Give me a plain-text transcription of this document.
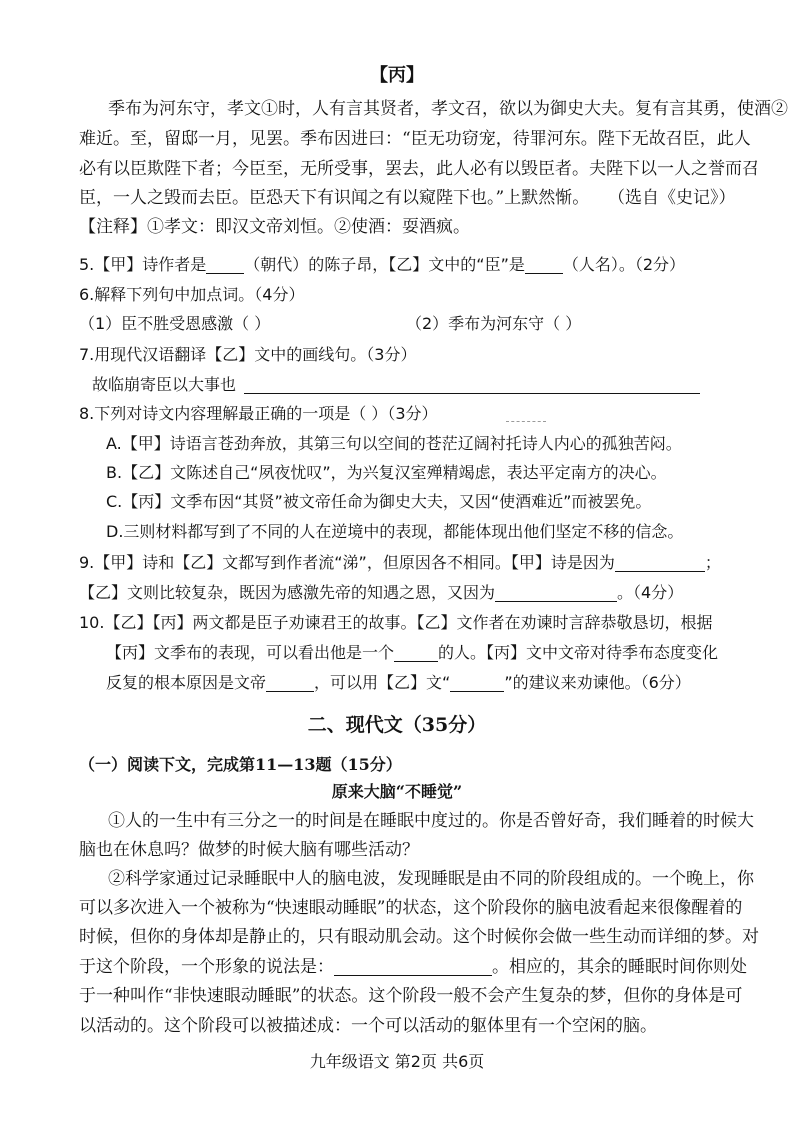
【丙】
季布为河东守，孝文①时，人有言其贤者，孝文召，欲以为御史大夫。复有言其勇，使酒②
难近。至，留邸一月，见罢。季布因进曰：“臣无功窃宠，待罪河东。陛下无故召臣，此人
必有以臣欺陛下者；今臣至，无所受事，罢去，此人必有以毁臣者。夫陛下以一人之誉而召
臣，一人之毁而去臣。臣恐天下有识闻之有以窥陛下也。”上默然惭。 （选自《史记》）
【注释】①孝文：即汉文帝刘恒。②使酒：耍酒疯。
5.【甲】诗作者是 （朝代）的陈子昂，【乙】文中的“臣”是 （人名）。（2分）
6.解释下列句中加点词。（4分）
（1）臣不胜受恩感激（ ）	（2）季布为河东守（ ）
7.用现代汉语翻译【乙】文中的画线句。（3分）
故临崩寄臣以大事也
8.下列对诗文内容理解最正确的一项是（ ）（3分）
A.【甲】诗语言苍劲奔放，其第三句以空间的苍茫辽阔衬托诗人内心的孤独苦闷。
B.【乙】文陈述自己“夙夜忧叹”，为兴复汉室殚精竭虑，表达平定南方的决心。
C.【丙】文季布因“其贤”被文帝任命为御史大夫，又因“使酒难近”而被罢免。
D.三则材料都写到了不同的人在逆境中的表现，都能体现出他们坚定不移的信念。
9.【甲】诗和【乙】文都写到作者流“涕”，但原因各不相同。【甲】诗是因为	；
【乙】文则比较复杂，既因为感激先帝的知遇之恩，又因为	。（4分）
10.【乙】【丙】两文都是臣子劝谏君王的故事。【乙】文作者在劝谏时言辞恭敬恳切，根据
【丙】文季布的表现，可以看出他是一个	的人。【丙】文中文帝对待季布态度变化
反复的根本原因是文帝	，可以用【乙】文“	”的建议来劝谏他。（6分）
二、现代文（35分）
（一）阅读下文，完成第11—13题（15分）
原来大脑“不睡觉”
①人的一生中有三分之一的时间是在睡眠中度过的。你是否曾好奇，我们睡着的时候大
脑也在休息吗？做梦的时候大脑有哪些活动？
②科学家通过记录睡眠中人的脑电波，发现睡眠是由不同的阶段组成的。一个晚上，你
可以多次进入一个被称为“快速眼动睡眠”的状态，这个阶段你的脑电波看起来很像醒着的
时候，但你的身体却是静止的，只有眼动肌会动。这个时候你会做一些生动而详细的梦。对
于这个阶段，一个形象的说法是：	。相应的，其余的睡眠时间你则处
于一种叫作“非快速眼动睡眠”的状态。这个阶段一般不会产生复杂的梦，但你的身体是可
以活动的。这个阶段可以被描述成：一个可以活动的躯体里有一个空闲的脑。
九年级语文 第2页 共6页
